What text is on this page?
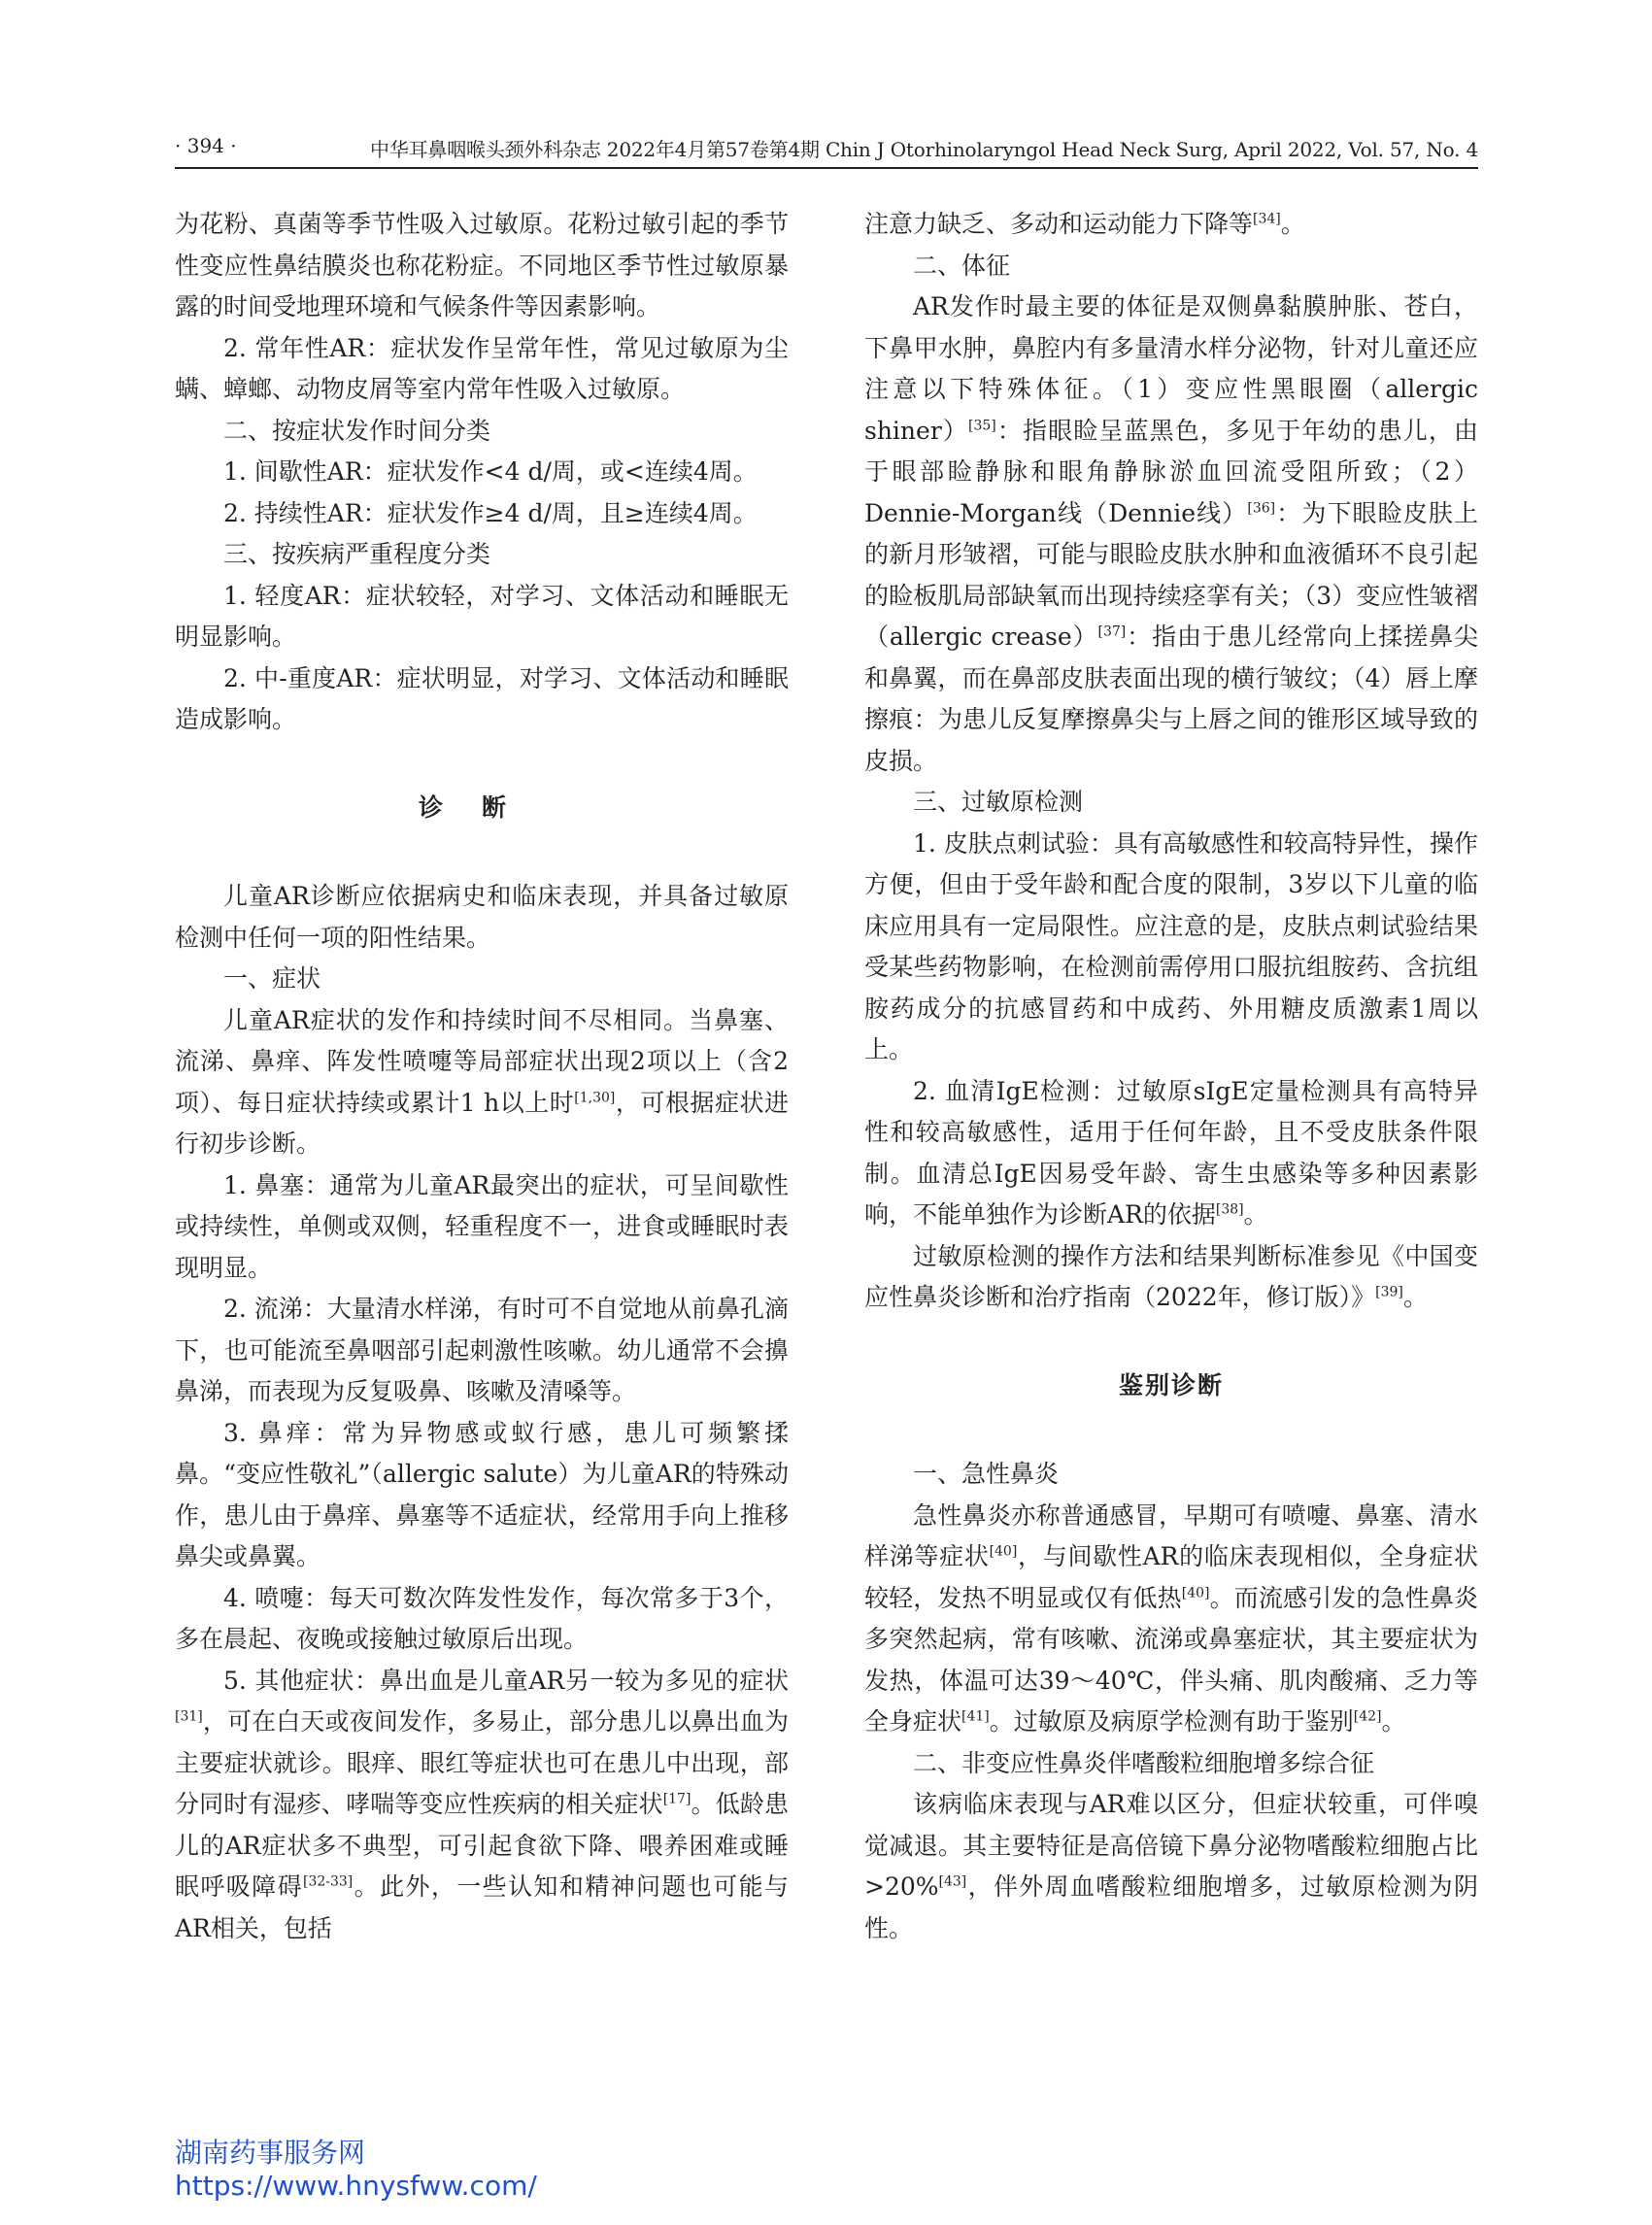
· 394 ·	中华耳鼻咽喉头颈外科杂志 2022年4月第57卷第4期 Chin J Otorhinolaryngol Head Neck Surg, April 2022, Vol. 57, No. 4

为花粉、真菌等季节性吸入过敏原。花粉过敏引起的季节性变应性鼻结膜炎也称花粉症。不同地区季节性过敏原暴露的时间受地理环境和气候条件等因素影响。

2. 常年性AR：症状发作呈常年性，常见过敏原为尘螨、蟑螂、动物皮屑等室内常年性吸入过敏原。

二、按症状发作时间分类

1. 间歇性AR：症状发作<4 d/周，或<连续4周。

2. 持续性AR：症状发作≥4 d/周，且≥连续4周。

三、按疾病严重程度分类

1. 轻度AR：症状较轻，对学习、文体活动和睡眠无明显影响。

2. 中-重度AR：症状明显，对学习、文体活动和睡眠造成影响。

诊断

儿童AR诊断应依据病史和临床表现，并具备过敏原检测中任何一项的阳性结果。

一、症状

儿童AR症状的发作和持续时间不尽相同。当鼻塞、流涕、鼻痒、阵发性喷嚏等局部症状出现2项以上（含2项）、每日症状持续或累计1 h以上时[1,30]，可根据症状进行初步诊断。

1. 鼻塞：通常为儿童AR最突出的症状，可呈间歇性或持续性，单侧或双侧，轻重程度不一，进食或睡眠时表现明显。

2. 流涕：大量清水样涕，有时可不自觉地从前鼻孔滴下，也可能流至鼻咽部引起刺激性咳嗽。幼儿通常不会擤鼻涕，而表现为反复吸鼻、咳嗽及清嗓等。

3. 鼻痒：常为异物感或蚁行感，患儿可频繁揉鼻。“变应性敬礼”（allergic salute）为儿童AR的特殊动作，患儿由于鼻痒、鼻塞等不适症状，经常用手向上推移鼻尖或鼻翼。

4. 喷嚏：每天可数次阵发性发作，每次常多于3个，多在晨起、夜晚或接触过敏原后出现。

5. 其他症状：鼻出血是儿童AR另一较为多见的症状[31]，可在白天或夜间发作，多易止，部分患儿以鼻出血为主要症状就诊。眼痒、眼红等症状也可在患儿中出现，部分同时有湿疹、哮喘等变应性疾病的相关症状[17]。低龄患儿的AR症状多不典型，可引起食欲下降、喂养困难或睡眠呼吸障碍[32-33]。此外，一些认知和精神问题也可能与AR相关，包括

注意力缺乏、多动和运动能力下降等[34]。

二、体征

AR发作时最主要的体征是双侧鼻黏膜肿胀、苍白，下鼻甲水肿，鼻腔内有多量清水样分泌物，针对儿童还应注意以下特殊体征。（1）变应性黑眼圈（allergic shiner）[35]：指眼睑呈蓝黑色，多见于年幼的患儿，由于眼部睑静脉和眼角静脉淤血回流受阻所致；（2）Dennie-Morgan线（Dennie线）[36]：为下眼睑皮肤上的新月形皱褶，可能与眼睑皮肤水肿和血液循环不良引起的睑板肌局部缺氧而出现持续痉挛有关；（3）变应性皱褶（allergic crease）[37]：指由于患儿经常向上揉搓鼻尖和鼻翼，而在鼻部皮肤表面出现的横行皱纹；（4）唇上摩擦痕：为患儿反复摩擦鼻尖与上唇之间的锥形区域导致的皮损。

三、过敏原检测

1. 皮肤点刺试验：具有高敏感性和较高特异性，操作方便，但由于受年龄和配合度的限制，3岁以下儿童的临床应用具有一定局限性。应注意的是，皮肤点刺试验结果受某些药物影响，在检测前需停用口服抗组胺药、含抗组胺药成分的抗感冒药和中成药、外用糖皮质激素1周以上。

2. 血清IgE检测：过敏原sIgE定量检测具有高特异性和较高敏感性，适用于任何年龄，且不受皮肤条件限制。血清总IgE因易受年龄、寄生虫感染等多种因素影响，不能单独作为诊断AR的依据[38]。

过敏原检测的操作方法和结果判断标准参见《中国变应性鼻炎诊断和治疗指南（2022年，修订版）》[39]。

鉴别诊断

一、急性鼻炎

急性鼻炎亦称普通感冒，早期可有喷嚏、鼻塞、清水样涕等症状[40]，与间歇性AR的临床表现相似，全身症状较轻，发热不明显或仅有低热[40]。而流感引发的急性鼻炎多突然起病，常有咳嗽、流涕或鼻塞症状，其主要症状为发热，体温可达39～40℃，伴头痛、肌肉酸痛、乏力等全身症状[41]。过敏原及病原学检测有助于鉴别[42]。

二、非变应性鼻炎伴嗜酸粒细胞增多综合征

该病临床表现与AR难以区分，但症状较重，可伴嗅觉减退。其主要特征是高倍镜下鼻分泌物嗜酸粒细胞占比>20%[43]，伴外周血嗜酸粒细胞增多，过敏原检测为阴性。

湖南药事服务网
https://www.hnysfww.com/
